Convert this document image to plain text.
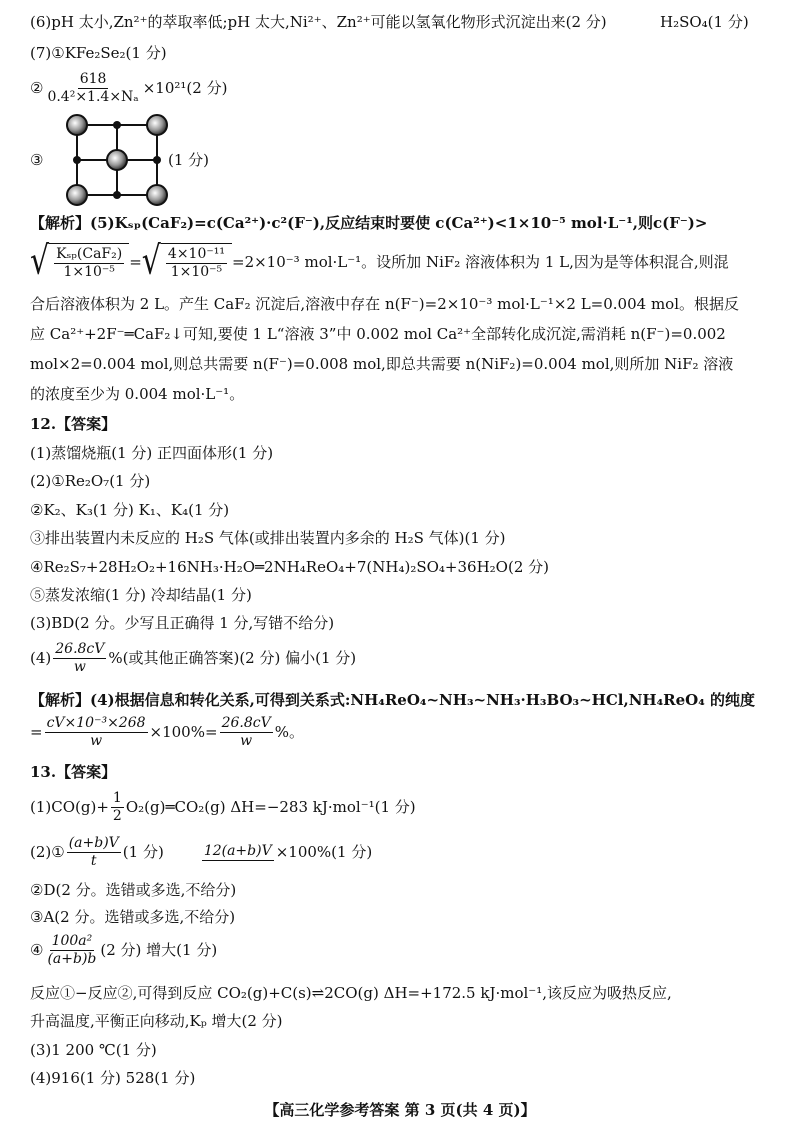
(6)pH 太小,Zn²⁺的萃取率低;pH 太大,Ni²⁺、Zn²⁺可能以氢氧化物形式沉淀出来(2 分)	H₂SO₄(1 分)
(7)①KFe₂Se₂(1 分)
② $\frac{618}{\text{0.4²×1.4×Nₐ}} \times 10^{21}(2$ 分)
③	(1 分)
【解析】(5)Kₛₚ(CaF₂)=c(Ca²⁺)·c²(F⁻),反应结束时要使 c(Ca²⁺)<1×10⁻⁵ mol·L⁻¹,则c(F⁻)>
√ $\frac{\text{Kₛₚ(CaF₂)}}{\text{1×10⁻⁵}}$ = √ $\frac{\text{4×10⁻¹¹}}{\text{1×10⁻⁵}} =2\times 10^{-3}$ mol·L⁻¹。设所加 NiF₂ 溶液体积为 1 L,因为是等体积混合,则混
合后溶液体积为 2 L。产生 CaF₂ 沉淀后,溶液中存在 n(F⁻)=2×10⁻³ mol·L⁻¹×2 L=0.004 mol。根据反
应 Ca²⁺+2F⁻═CaF₂↓可知,要使 1 L“溶液 3”中 0.002 mol Ca²⁺全部转化成沉淀,需消耗 n(F⁻)=0.002
mol×2=0.004 mol,则总共需要 n(F⁻)=0.008 mol,即总共需要 n(NiF₂)=0.004 mol,则所加 NiF₂ 溶液
的浓度至少为 0.004 mol·L⁻¹。
12.【答案】
(1)蒸馏烧瓶(1 分) 正四面体形(1 分)
(2)①Re₂O₇(1 分)
②K₂、K₃(1 分) K₁、K₄(1 分)
③排出装置内未反应的 H₂S 气体(或排出装置内多余的 H₂S 气体)(1 分)
④Re₂S₇+28H₂O₂+16NH₃·H₂O═2NH₄ReO₄+7(NH₄)₂SO₄+36H₂O(2 分)
⑤蒸发浓缩(1 分) 冷却结晶(1 分)
(3)BD(2 分。少写且正确得 1 分,写错不给分)
$(4) \frac{26.8cV}{w}$ %(或其他正确答案)(2 分) 偏小(1 分)
【解析】(4)根据信息和转化关系,可得到关系式:NH₄ReO₄~NH₃~NH₃·H₃BO₃~HCl,NH₄ReO₄ 的纯度
= $\frac{\text{cV×10⁻³×268}}{w} \times 100\%= \frac{26.8cV}{w}$ %。
13.【答案】
$(1)CO(g)+ \frac{1}{2}$ O₂(g)═CO₂(g) ΔH=−283 kJ·mol⁻¹(1 分)
(2)① $\frac{(a+b)V}{t} (1$ 分)	12(a+b)V ×100%(1 分)
②D(2 分。选错或多选,不给分)
③A(2 分。选错或多选,不给分)
④ $\frac{\text{100a²}}{(a+b)b} (2$ 分) 增大(1 分)
反应①−反应②,可得到反应 CO₂(g)+C(s)⇌2CO(g) ΔH=+172.5 kJ·mol⁻¹,该反应为吸热反应,
升高温度,平衡正向移动,Kₚ 增大(2 分)
(3)1 200 ℃(1 分)
(4)916(1 分) 528(1 分)
【高三化学参考答案 第 3 页(共 4 页)】
